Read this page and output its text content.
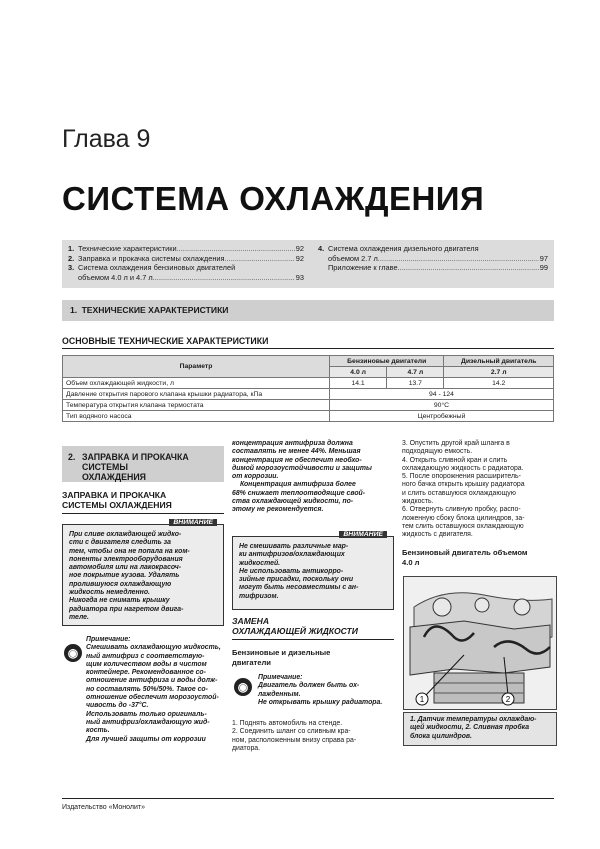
Глава 9
СИСТЕМА ОХЛАЖДЕНИЯ
1. Технические характеристики .....	92
2. Заправка и прокачка системы охлаждения .....	92
3. Система охлаждения бензиновых двигателей
объемом 4.0 л и 4.7 л .....	93
4. Система охлаждения дизельного двигателя
объемом 2.7 л .....	97
Приложение к главе .....	99
1. ТЕХНИЧЕСКИЕ ХАРАКТЕРИСТИКИ
ОСНОВНЫЕ ТЕХНИЧЕСКИЕ ХАРАКТЕРИСТИКИ
Параметр	Бензиновые двигатели		Дизельный двигатель
	4.0 л	4.7 л	2.7 л
Объем охлаждающей жидкости, л	14.1	13.7	14.2
Давление открытия парового клапана крышки радиатора, кПа	94 - 124		
Температура открытия клапана термостата	90°С		
Тип водяного насоса	Центробежный		
2. ЗАПРАВКА И ПРОКАЧКА
СИСТЕМЫ
ОХЛАЖДЕНИЯ
ЗАПРАВКА И ПРОКАЧКА
СИСТЕМЫ ОХЛАЖДЕНИЯ
ВНИМАНИЕ
При сливе охлаждающей жидко-
сти с двигателя следить за
тем, чтобы она не попала на ком-
поненты электрооборудования
автомобиля или на лакокрасоч-
ное покрытие кузова. Удалять
пролившуюся охлаждающую
жидкость немедленно.
Никогда не снимать крышку
радиатора при нагретом двига-
теле.
◉
Примечание:
Смешивать охлаждающую жидкость,
ный антифриз с соответствую-
щим количеством воды в чистом
контейнере. Рекомендованное со-
отношение антифриза и воды долж-
но составлять 50%/50%. Такое со-
отношение обеспечит морозоустой-
чивость до -37°С.
Использовать только оригиналь-
ный антифриз/охлаждающую жид-
кость.
Для лучшей защиты от коррозии
концентрация антифриза должна
составлять не менее 44%. Меньшая
концентрация не обеспечит необхо-
димой морозоустойчивости и защиты
от коррозии.
Концентрация антифриза более
68% снижает теплоотводящие свой-
ства охлаждающей жидкости, по-
этому не рекомендуется.
ВНИМАНИЕ
Не смешивать различные мар-
ки антифризов/охлаждающих
жидкостей.
Не использовать антикорро-
зийные присадки, поскольку они
могут быть несовместимы с ан-
тифризом.
ЗАМЕНА
ОХЛАЖДАЮЩЕЙ ЖИДКОСТИ
Бензиновые и дизельные
двигатели
◉
Примечание:
Двигатель должен быть ох-
лажденным.
Не открывать крышку радиатора.
1. Поднять автомобиль на стенде.
2. Соединить шланг со сливным кра-
ном, расположенным внизу справа ра-
диатора.
3. Опустить другой край шланга в
подходящую емкость.
4. Открыть сливной кран и слить
охлаждающую жидкость с радиатора.
5. После опорожнения расширитель-
ного бачка открыть крышку радиатора
и слить оставшуюся охлаждающую
жидкость.
6. Отвернуть сливную пробку, распо-
ложенную сбоку блока цилиндров, за-
тем слить оставшуюся охлаждающую
жидкость с двигателя.
Бензиновый двигатель объемом
4.0 л
1	2
1. Датчик температуры охлаждаю-
щей жидкости, 2. Сливная пробка
блока цилиндров.
Издательство «Монолит»
